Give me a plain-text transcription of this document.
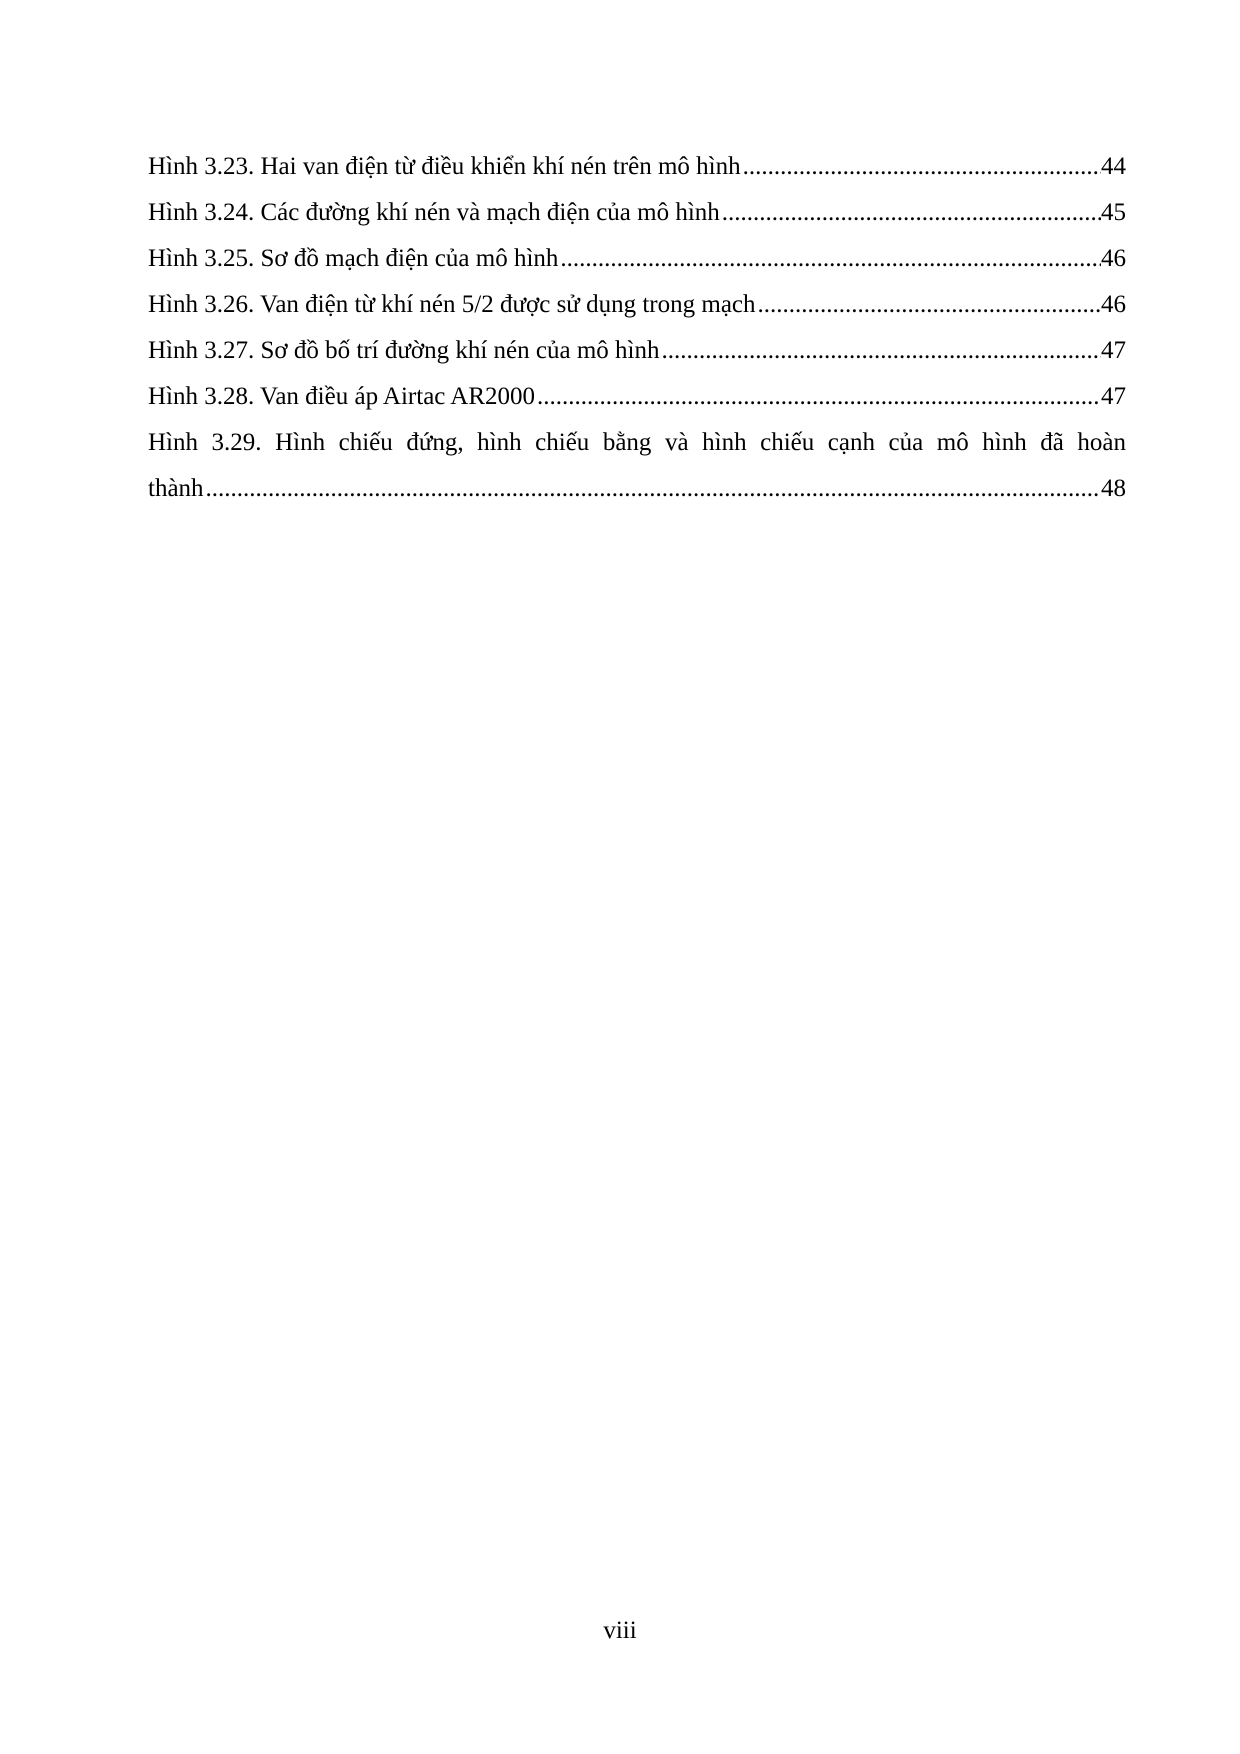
Hình 3.23. Hai van điện từ điều khiển khí nén trên mô hình .....	44
Hình 3.24. Các đường khí nén và mạch điện của mô hình .....	45
Hình 3.25. Sơ đồ mạch điện của mô hình .....	46
Hình 3.26. Van điện từ khí nén 5/2 được sử dụng trong mạch .....	46
Hình 3.27. Sơ đồ bố trí đường khí nén của mô hình .....	47
Hình 3.28. Van điều áp Airtac AR2000 .....	47
Hình 3.29. Hình chiếu đứng, hình chiếu bằng và hình chiếu cạnh của mô hình đã hoàn
thành .....	48
viii
